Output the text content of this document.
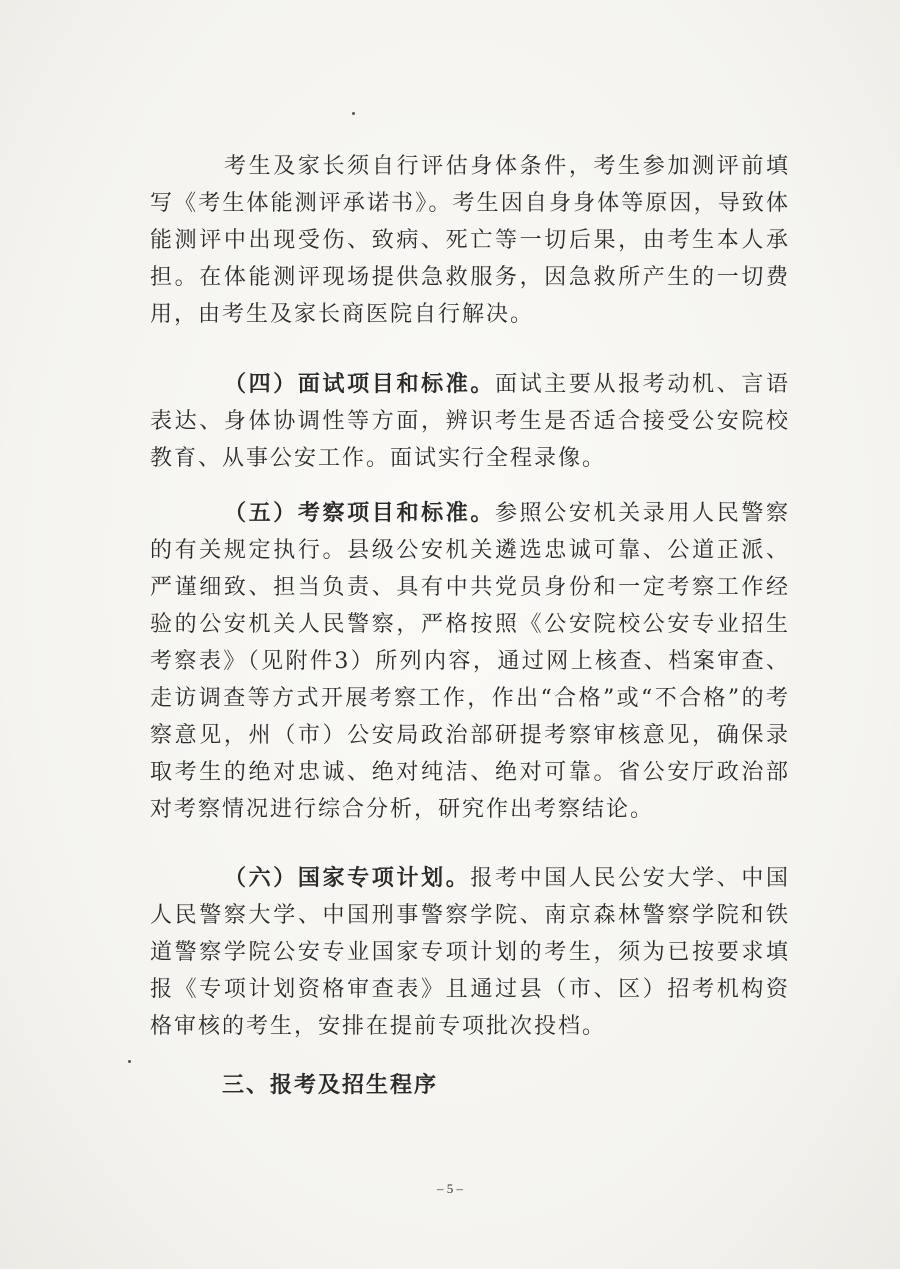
考生及家长须自行评估身体条件，考生参加测评前填写《考生体能测评承诺书》。考生因自身身体等原因，导致体能测评中出现受伤、致病、死亡等一切后果，由考生本人承担。在体能测评现场提供急救服务，因急救所产生的一切费用，由考生及家长商医院自行解决。

（四）面试项目和标准。面试主要从报考动机、言语表达、身体协调性等方面，辨识考生是否适合接受公安院校教育、从事公安工作。面试实行全程录像。

（五）考察项目和标准。参照公安机关录用人民警察的有关规定执行。县级公安机关遴选忠诚可靠、公道正派、严谨细致、担当负责、具有中共党员身份和一定考察工作经验的公安机关人民警察，严格按照《公安院校公安专业招生考察表》（见附件3）所列内容，通过网上核查、档案审查、走访调查等方式开展考察工作，作出“合格”或“不合格”的考察意见，州（市）公安局政治部研提考察审核意见，确保录取考生的绝对忠诚、绝对纯洁、绝对可靠。省公安厅政治部对考察情况进行综合分析，研究作出考察结论。

（六）国家专项计划。报考中国人民公安大学、中国人民警察大学、中国刑事警察学院、南京森林警察学院和铁道警察学院公安专业国家专项计划的考生，须为已按要求填报《专项计划资格审查表》且通过县（市、区）招考机构资格审核的考生，安排在提前专项批次投档。

三、报考及招生程序
– 5 –
